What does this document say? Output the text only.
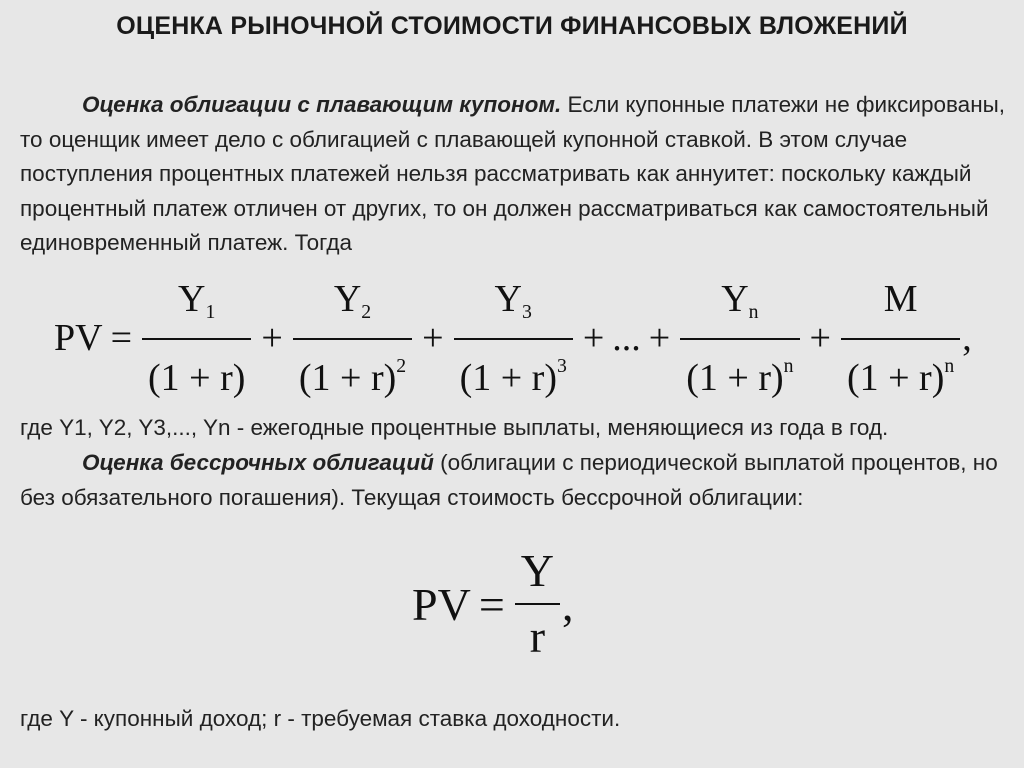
ОЦЕНКА РЫНОЧНОЙ СТОИМОСТИ ФИНАНСОВЫХ ВЛОЖЕНИЙ

Оценка облигации с плавающим купоном. Если купонные платежи не фиксированы, то оценщик имеет дело с облигацией с плавающей купонной ставкой. В этом случае поступления процентных платежей нельзя рассматривать как аннуитет: поскольку каждый процентный платеж отличен от других, то он должен рассматриваться как самостоятельный единовременный платеж. Тогда

PV = $\frac{Y_1}{(1 + r)} + \frac{Y_2}{(1 + r)^2} + \frac{Y_3}{(1 + r)^3}$ + ... + $\frac{Y_n}{(1 + r)^n} + \frac{M}{(1 + r)^n}$ ,

где Y1, Y2, Y3,..., Yn - ежегодные процентные выплаты, меняющиеся из года в год.

Оценка бессрочных облигаций (облигации с периодической выплатой процентов, но без обязательного погашения). Текущая стоимость бессрочной облигации:

PV = $\frac{Y}{r}$ ,

где Y - купонный доход; r - требуемая ставка доходности.
